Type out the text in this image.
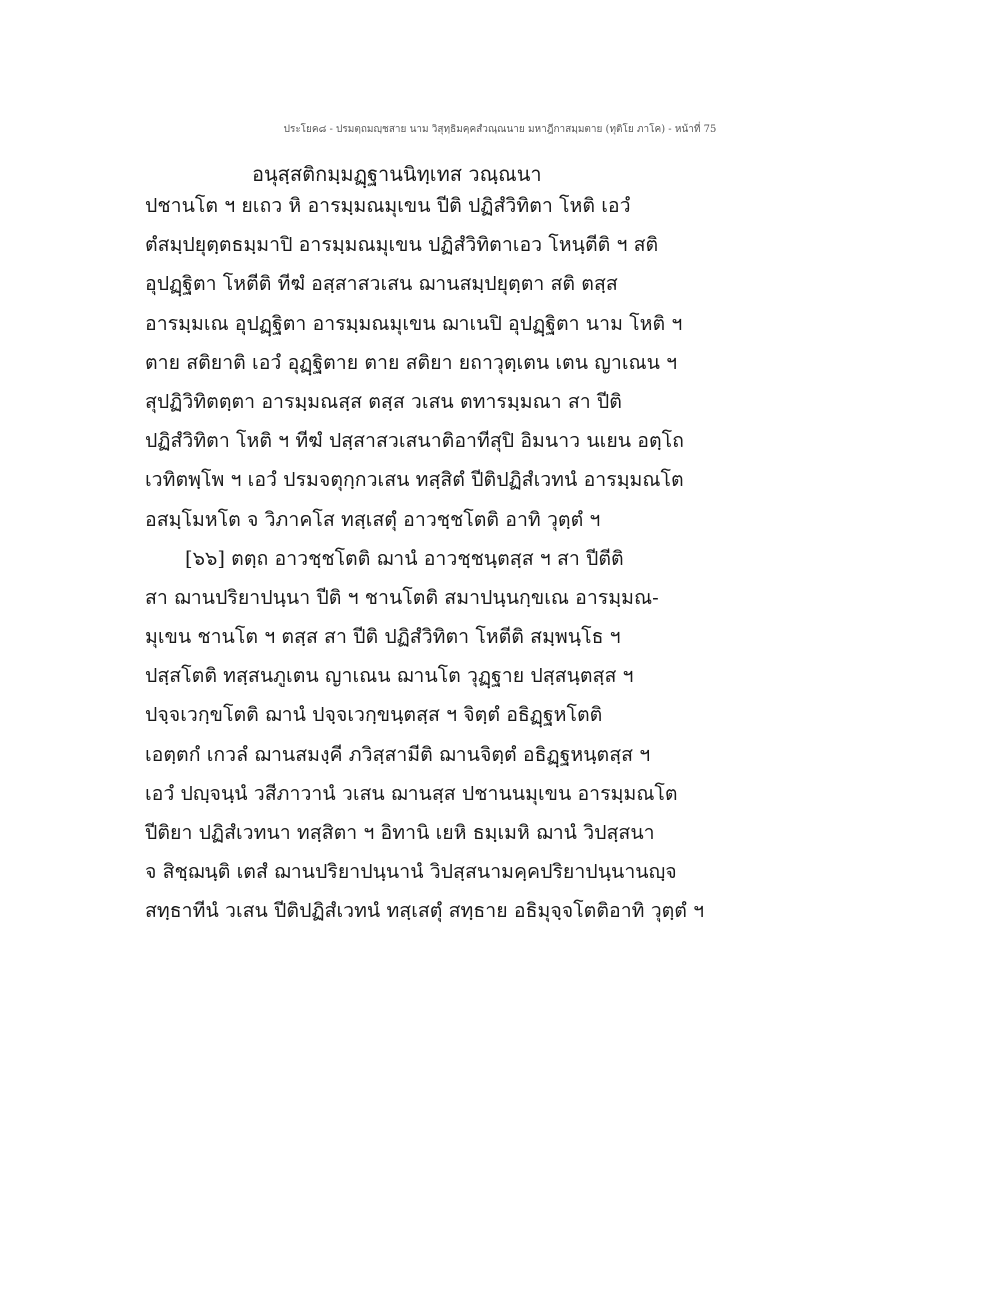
ประโยค๘ - ปรมตฺถมญฺชสาย นาม วิสุทฺธิมคฺคสํวณฺณนาย มหาฎีกาสมฺมตาย (ทุติโย ภาโค) - หน้าที่ 75
อนุสฺสติกมฺมฏฺฐานนิทฺเทส วณฺณนา
ปชานโต ฯ ยเถว หิ อารมฺมณมุเขน ปีติ ปฏิสํวิทิตา โหติ เอวํ
ตํสมฺปยุตฺตธมฺมาปิ อารมฺมณมุเขน ปฏิสํวิทิตาเอว โหนฺตีติ ฯ สติ
อุปฏฺฐิตา โหตีติ ทีฆํ อสฺสาสวเสน ฌานสมฺปยุตฺตา สติ ตสฺส
อารมฺมเณ อุปฏฺฐิตา อารมฺมณมุเขน ฌาเนปิ อุปฏฺฐิตา นาม โหติ ฯ
ตาย สติยาติ เอวํ อุฏฺฐิตาย ตาย สติยา ยถาวุตฺเตน เตน ญาเณน ฯ
สุปฏิวิทิตตฺตา อารมฺมณสฺส ตสฺส วเสน ตทารมฺมณา สา ปีติ
ปฏิสํวิทิตา โหติ ฯ ทีฆํ ปสฺสาสวเสนาติอาทีสุปิ อิมนาว นเยน อตฺโถ
เวทิตพฺโพ ฯ เอวํ ปรมจตุกฺกวเสน ทสฺสิตํ ปีติปฏิสํเวทนํ อารมฺมณโต
อสมฺโมหโต จ วิภาคโส ทสฺเสตุํ อาวชฺชโตติ อาทิ วุตฺตํ ฯ
[๖๖] ตตฺถ อาวชฺชโตติ ฌานํ อาวชฺชนฺตสฺส ฯ สา ปีตีติ
สา ฌานปริยาปนฺนา ปีติ ฯ ชานโตติ สมาปนฺนกฺขเณ อารมฺมณ-
มุเขน ชานโต ฯ ตสฺส สา ปีติ ปฏิสํวิทิตา โหตีติ สมฺพนฺโธ ฯ
ปสฺสโตติ ทสฺสนภูเตน ญาเณน ฌานโต วุฏฺฐาย ปสฺสนฺตสฺส ฯ
ปจฺจเวกฺขโตติ ฌานํ ปจฺจเวกฺขนฺตสฺส ฯ จิตฺตํ อธิฏฺฐหโตติ
เอตฺตกํ เกวลํ ฌานสมงฺคี ภวิสฺสามีติ ฌานจิตฺตํ อธิฏฺฐหนฺตสฺส ฯ
เอวํ ปญฺจนฺนํ วสีภาวานํ วเสน ฌานสฺส ปชานนมุเขน อารมฺมณโต
ปีติยา ปฏิสํเวทนา ทสฺสิตา ฯ อิทานิ เยหิ ธมฺเมหิ ฌานํ วิปสฺสนา
จ สิชฺฌนฺติ เตสํ ฌานปริยาปนฺนานํ วิปสฺสนามคฺคปริยาปนฺนานญฺจ
สทฺธาทีนํ วเสน ปีติปฏิสํเวทนํ ทสฺเสตุํ สทฺธาย อธิมุจฺจโตติอาทิ วุตฺตํ ฯ
